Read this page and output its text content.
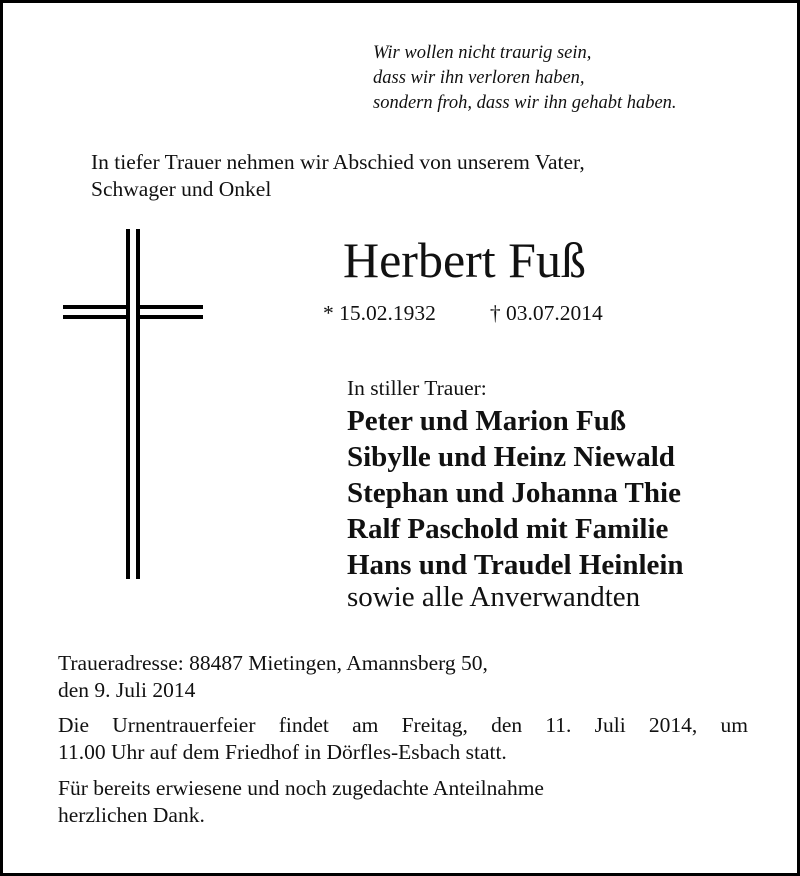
Wir wollen nicht traurig sein,
dass wir ihn verloren haben,
sondern froh, dass wir ihn gehabt haben.
In tiefer Trauer nehmen wir Abschied von unserem Vater,
Schwager und Onkel
Herbert Fuß
* 15.02.1932	† 03.07.2014
In stiller Trauer:
Peter und Marion Fuß
Sibylle und Heinz Niewald
Stephan und Johanna Thie
Ralf Paschold mit Familie
Hans und Traudel Heinlein
sowie alle Anverwandten
Traueradresse: 88487 Mietingen, Amannsberg 50,
den 9. Juli 2014
Die Urnentrauerfeier findet am Freitag, den 11. Juli 2014, um
11.00 Uhr auf dem Friedhof in Dörfles-Esbach statt.
Für bereits erwiesene und noch zugedachte Anteilnahme
herzlichen Dank.
